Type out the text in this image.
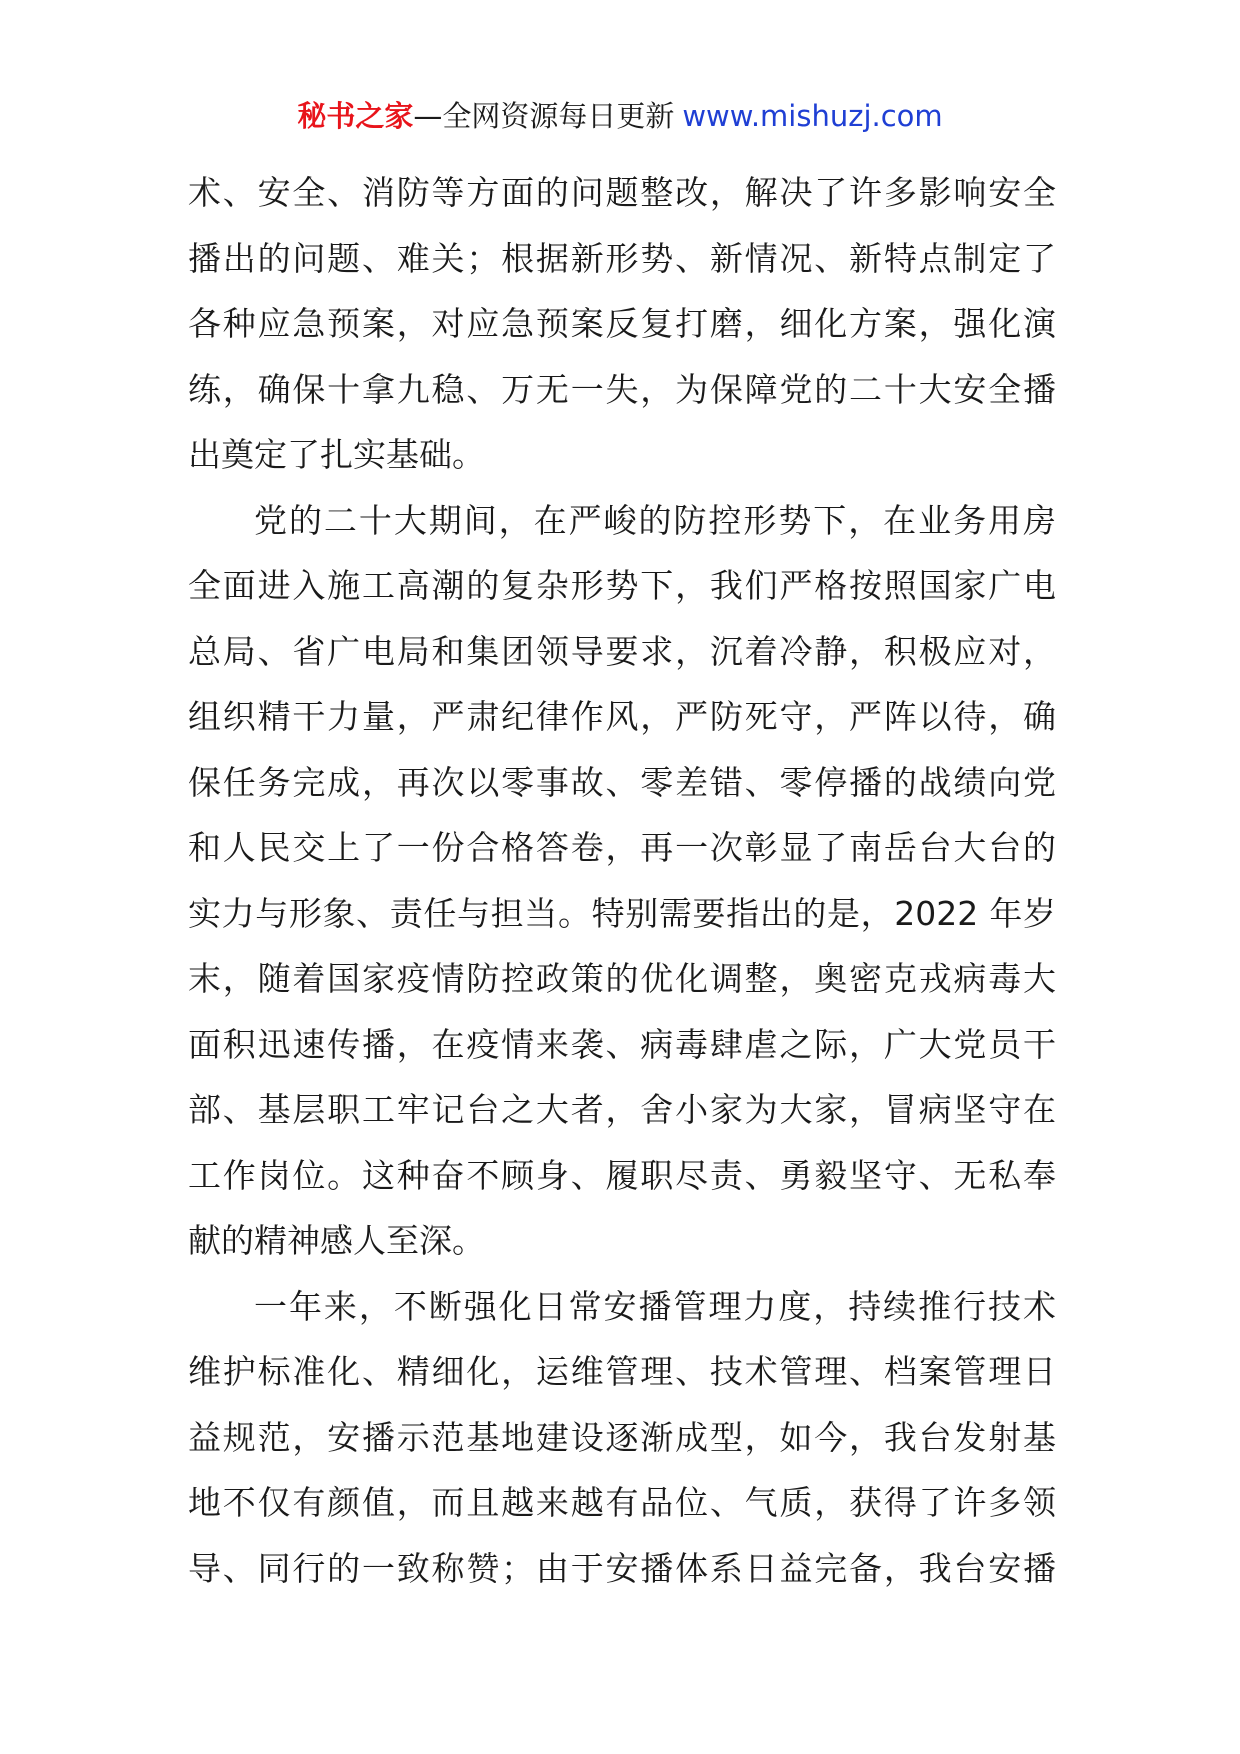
秘书之家—全网资源每日更新 www.mishuzj.com
术、安全、消防等方面的问题整改，解决了许多影响安全
播出的问题、难关；根据新形势、新情况、新特点制定了
各种应急预案，对应急预案反复打磨，细化方案，强化演
练，确保十拿九稳、万无一失，为保障党的二十大安全播
出奠定了扎实基础。
党的二十大期间，在严峻的防控形势下，在业务用房
全面进入施工高潮的复杂形势下，我们严格按照国家广电
总局、省广电局和集团领导要求，沉着冷静，积极应对，
组织精干力量，严肃纪律作风，严防死守，严阵以待，确
保任务完成，再次以零事故、零差错、零停播的战绩向党
和人民交上了一份合格答卷，再一次彰显了南岳台大台的
实力与形象、责任与担当。特别需要指出的是，2022 年岁
末，随着国家疫情防控政策的优化调整，奥密克戎病毒大
面积迅速传播，在疫情来袭、病毒肆虐之际，广大党员干
部、基层职工牢记台之大者，舍小家为大家，冒病坚守在
工作岗位。这种奋不顾身、履职尽责、勇毅坚守、无私奉
献的精神感人至深。
一年来，不断强化日常安播管理力度，持续推行技术
维护标准化、精细化，运维管理、技术管理、档案管理日
益规范，安播示范基地建设逐渐成型，如今，我台发射基
地不仅有颜值，而且越来越有品位、气质，获得了许多领
导、同行的一致称赞；由于安播体系日益完备，我台安播
